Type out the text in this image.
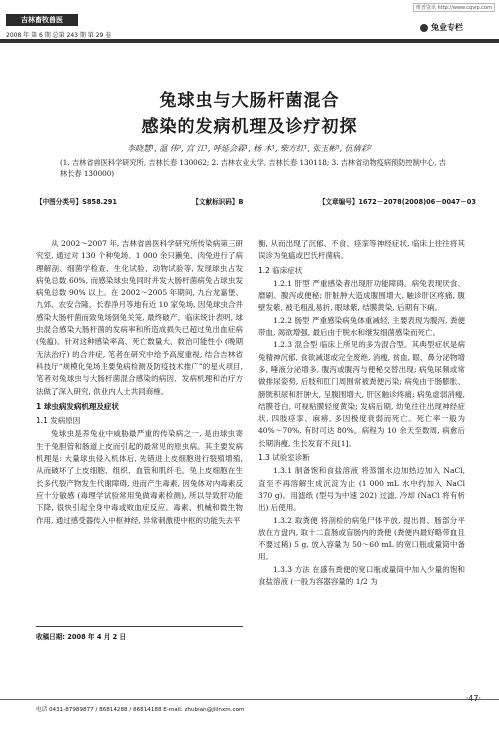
维普资讯 http://www.cqvip.com
吉林畜牧兽医
2008 年 第 6 期 总第 243 期 第 29 卷
兔业专栏
兔球虫与大肠杆菌混合
感染的发病机理及诊疗初探
李晓慧¹, 温 伟³, 宫 江¹, 呼延会霖¹, 杨 木¹, 柴方红¹, 张玉彬³, 伉倩彩²
(1. 吉林省兽医科学研究所, 吉林长春 130062; 2. 吉林农业大学, 吉林长春 130118; 3. 吉林省动物疫病预防控制中心, 吉林长春 130000)
【中图分类号】S858.291	【文献标识码】B	【文章编号】1672－2078(2008)06－0047－03

从 2002～2007 年, 吉林省兽医科学研究所传染病第三研究室, 通过对 130 个种兔场、1 000 余只獭兔、肉兔进行了病理解剖、细菌学检查、生化试验、动物试验等, 发现球虫占发病兔总数 60%, 而感染球虫兔同时并发大肠杆菌病兔占球虫发病兔总数 90% 以上。在 2002～2005 年期间, 九台龙嘉堡、九郊、农安合隆、长春净月等地有近 10 家兔场, 因兔球虫合并感染大肠杆菌而致兔场倒兔关笼, 最终破产。临床统计表明, 球虫混合感染大肠杆菌的发病率和所造成损失已超过兔出血症病 (兔瘟)。针对这种感染率高、死亡数量大、救治可能性小 (晚期无法治疗) 的合并症, 笔者在研究中给予高度重视, 结合吉林省科技厅“规模化兔场主要兔病检测及防疫技术推广”的星火项目, 笔者对兔球虫与大肠杆菌混合感染的病因、发病机理和治疗方法做了深入研究, 供业内人士共同商榷。

1 球虫病发病机理及症状
1.1 发病原因

兔球虫是养兔业中威胁最严重的传染病之一, 是由球虫寄生于兔胆管和肠道上皮而引起的最常见的原虫病。其主要发病机理是: 大量球虫侵入机体后, 先错进上皮细胞进行裂殖增殖, 从而破坏了上皮细胞、组织、血管和肌纤毛。兔上皮细胞在生长多代裂产物发生代谢障碍, 进而产生毒素, 因兔体对内毒素反应十分敏感 (毒理学试验常用兔做毒素检测), 所以导致肝功能下降, 很快引起全身中毒或败血症反应。毒素、机械和微生物作用, 通过感受器传入中枢神经, 异常刺激使中枢的功能失去平

衡, 从而出现了沉郁、不食、痉挛等神经症状, 临床上往往将其误诊为兔瘟或巴氏杆菌病。

1.2 临床症状

1.2.1 肝型 严重感染者出现肝功能障碍。病兔表现厌食、磨刷、腹泻或便秘; 肝脏肿大造成腹围增大, 触诊肝区疼痛, 腹壁发紫, 被毛粗乱易折, 眼球紫, 结膜黄染, 后期有下痢。

1.2.2 肠型 严重感染病兔体重减轻, 主要表现为腹泻, 粪便带血, 渴欲增强, 最后由于脱水和继发细菌感染而死亡。

1.2.3 混合型 临床上所见的多为混合型。其典型症状是病兔精神沉郁, 食欲减退或完全废绝, 消瘦, 贫血, 眼、鼻分泌物增多, 唾液分泌增多, 腹泻或腹泻与便秘交替出现; 病兔尿频或常做排尿姿势, 后肢和肛门周围常被粪便污染; 病兔由于肠膨胀、膀胱积尿和肝肿大, 呈腹围增大, 肝区触诊疼痛; 病兔虚弱消瘦, 结膜苍白, 可视粘膜轻度黄染; 发病后期, 幼兔往往出现神经症状, 四肢痉挛、麻痹, 多因极度衰弱而死亡。死亡率一般为 40%～70%, 有时可达 80%。病程为 10 余天至数周, 病愈后长期消瘦, 生长发育不良[1]。

1.3 试验室诊断

1.3.1 制备饱和食盐溶液 将蒸馏水边加热边加入 NaCl, 直至不再溶解生成沉淀为止 (1 000 mL 水中约加入 NaCl 370 g)。用滤纸 (型号为中速 202) 过滤, 冷却 (NaCl 将有析出) 后使用。

1.3.2 取粪便 将剖检的病兔尸体平放, 提出胃、肠部分平放在方盘内, 取十二直肠或盲肠内的粪便 (粪便内最好略带血且不要过稀) 5 g, 放入容量为 50～60 mL 的宽口瓶或量筒中备用。

1.3.3 方法 在盛有粪便的宽口瓶或量筒中加入少量的饱和食盐溶液 (一般为容器容量的 1/2 为

收稿日期: 2008 年 4 月 2 日
电话 0431-87989877 / 86814288 / 86814188 E-mail: zhubian@jilinxm.com
·47·
